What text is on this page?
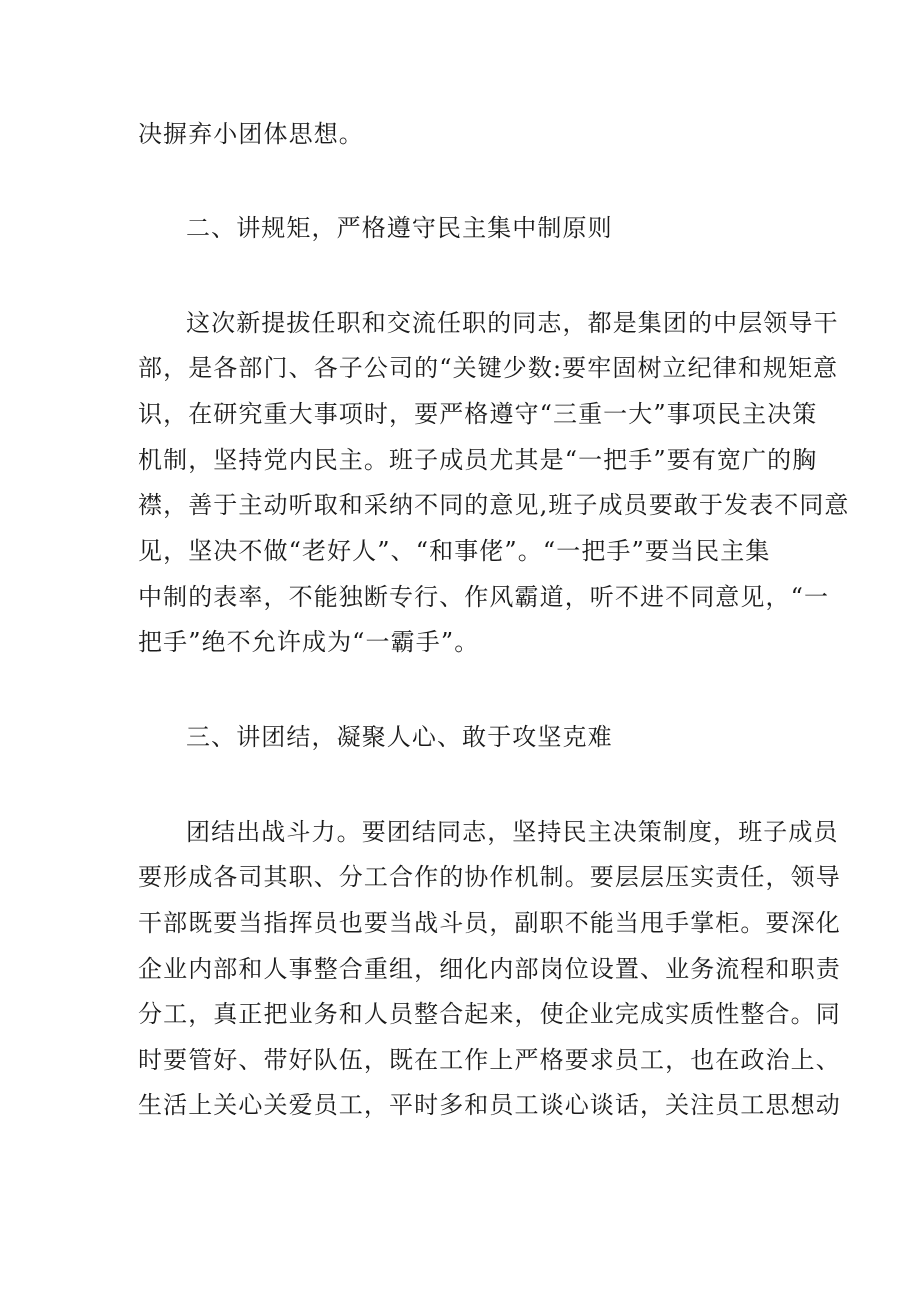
决摒弃小团体思想。
二、讲规矩，严格遵守民主集中制原则
这次新提拔任职和交流任职的同志，都是集团的中层领导干
部，是各部门、各子公司的“关键少数:要牢固树立纪律和规矩意
识，在研究重大事项时，要严格遵守“三重一大”事项民主决策
机制，坚持党内民主。班子成员尤其是“一把手”要有宽广的胸
襟，善于主动听取和采纳不同的意见,班子成员要敢于发表不同意
见，坚决不做“老好人”、“和事佬”。“一把手”要当民主集
中制的表率，不能独断专行、作风霸道，听不进不同意见，“一
把手”绝不允许成为“一霸手”。
三、讲团结，凝聚人心、敢于攻坚克难
团结出战斗力。要团结同志，坚持民主决策制度，班子成员
要形成各司其职、分工合作的协作机制。要层层压实责任，领导
干部既要当指挥员也要当战斗员，副职不能当甩手掌柜。要深化
企业内部和人事整合重组，细化内部岗位设置、业务流程和职责
分工，真正把业务和人员整合起来，使企业完成实质性整合。同
时要管好、带好队伍，既在工作上严格要求员工，也在政治上、
生活上关心关爱员工，平时多和员工谈心谈话，关注员工思想动
